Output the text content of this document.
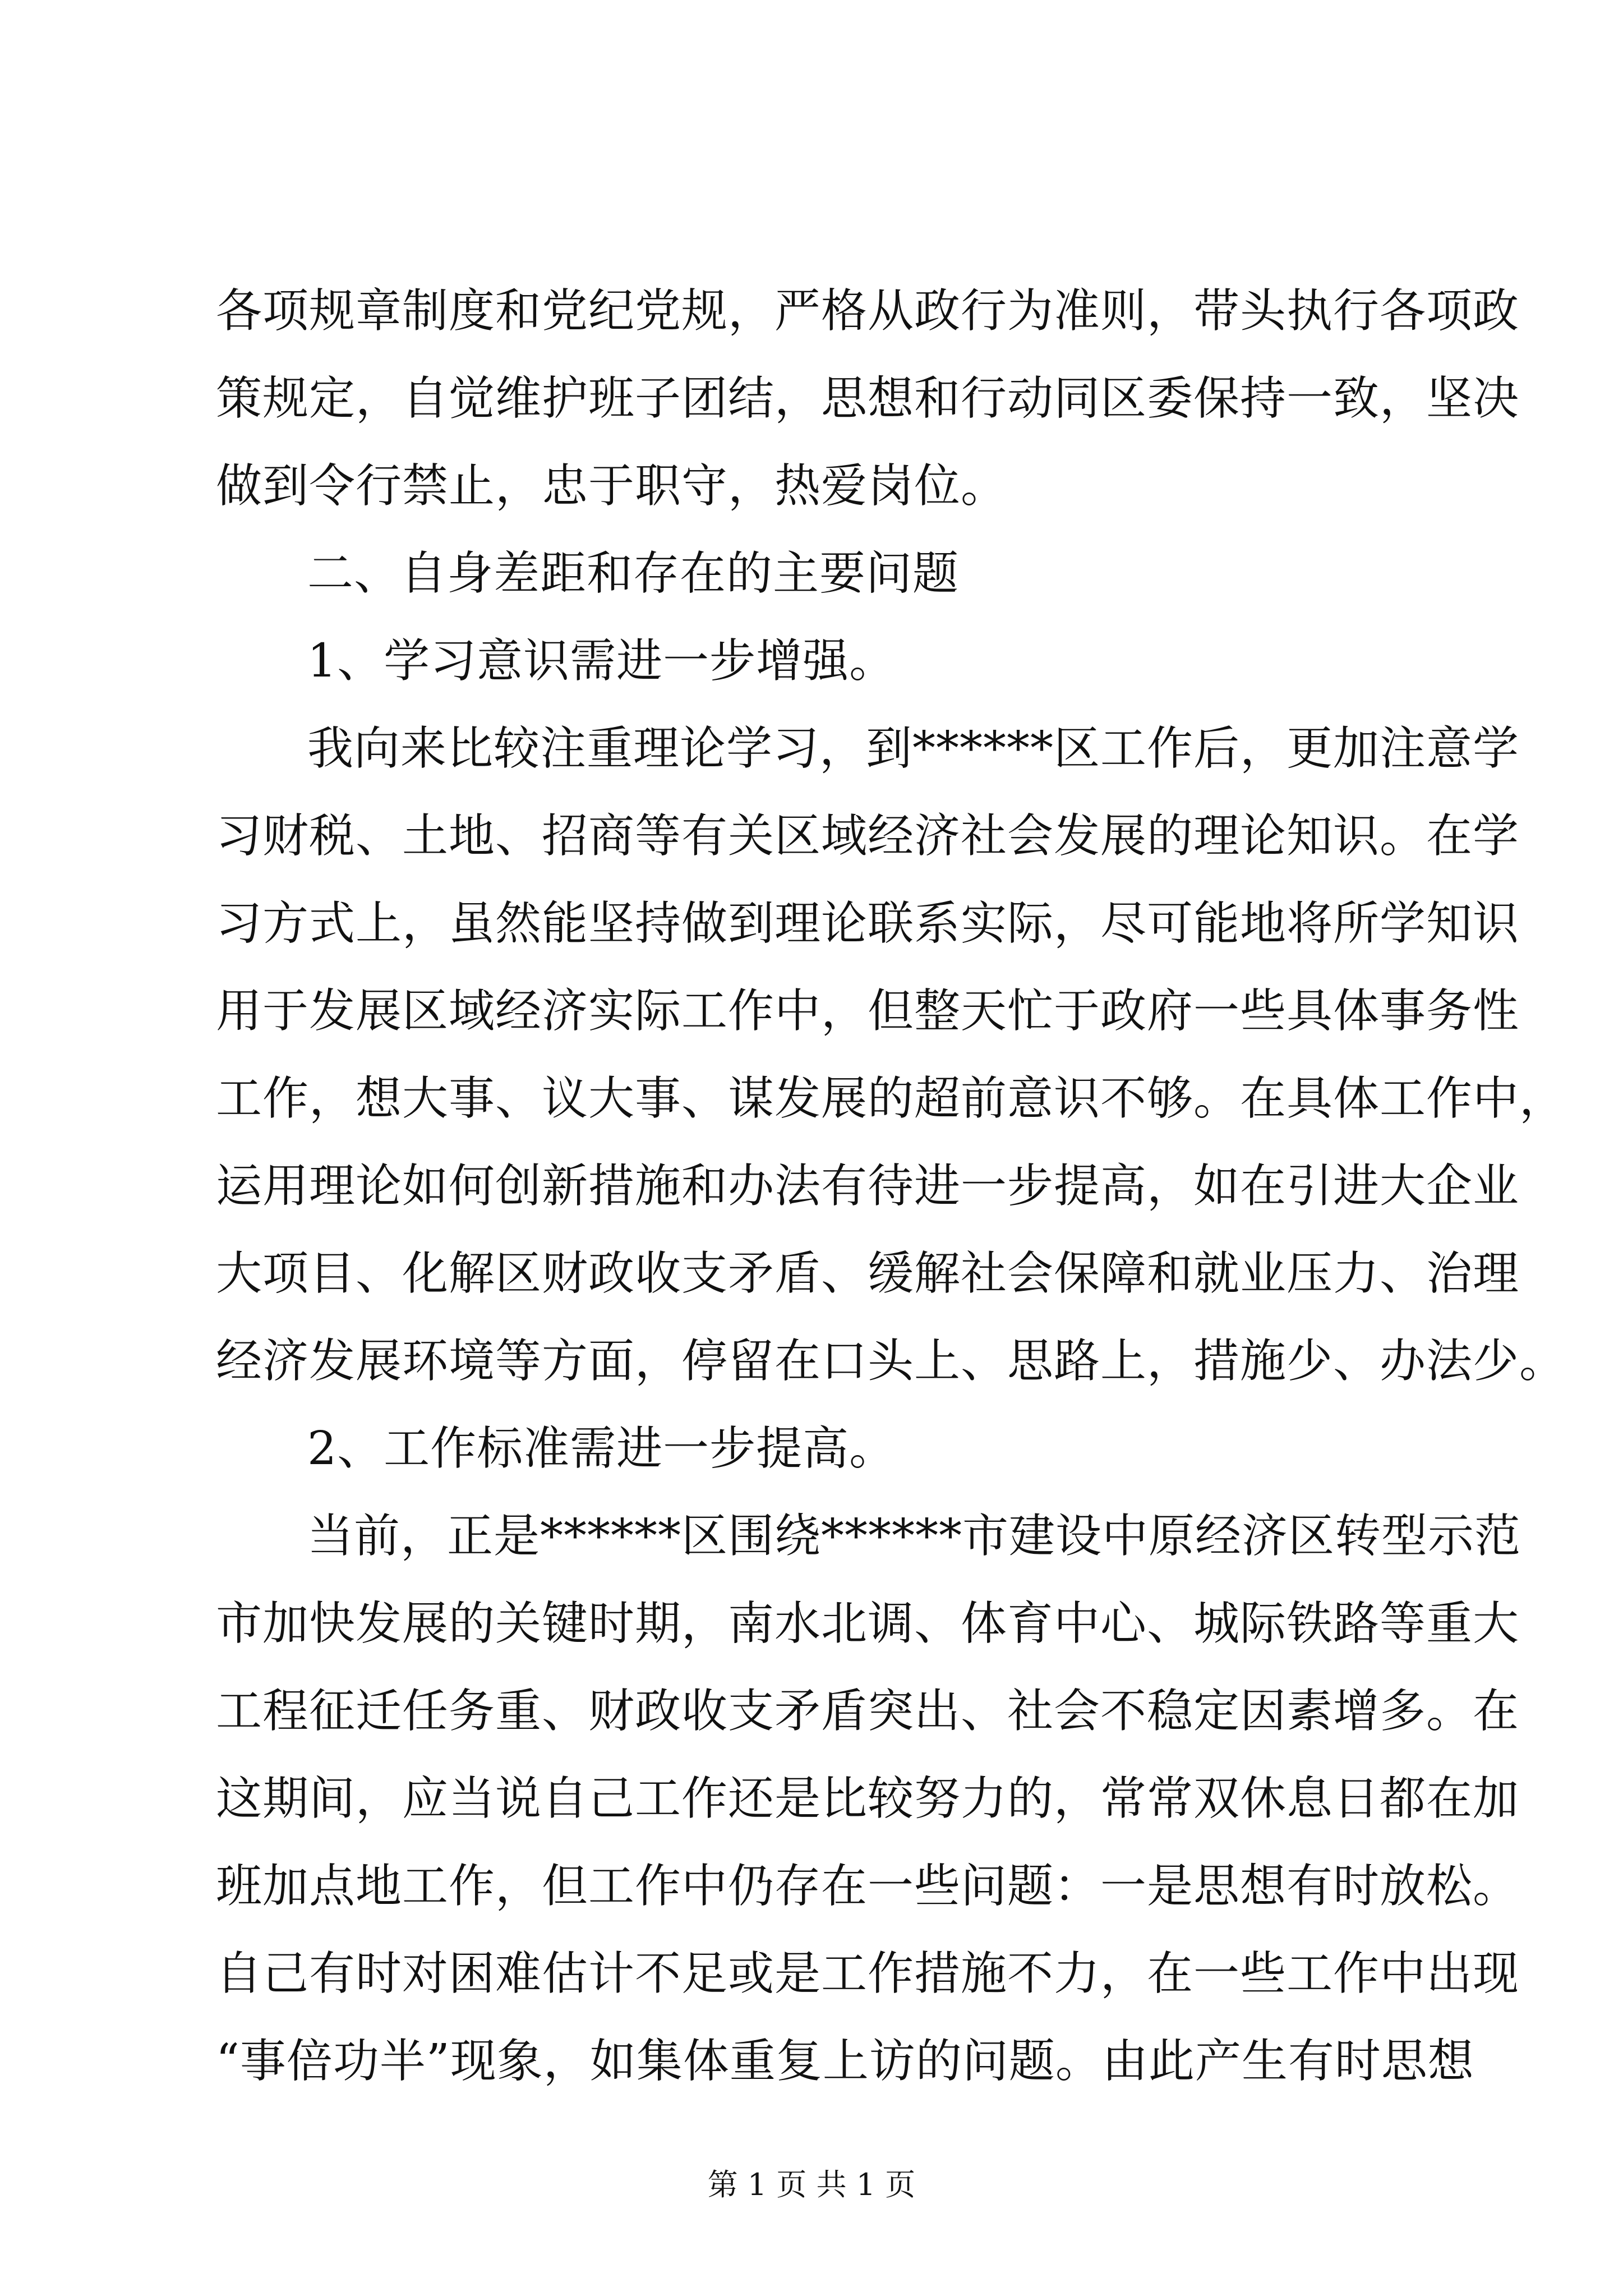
各项规章制度和党纪党规，严格从政行为准则，带头执行各项政
策规定，自觉维护班子团结，思想和行动同区委保持一致，坚决
做到令行禁止，忠于职守，热爱岗位。
二、自身差距和存在的主要问题
1、学习意识需进一步增强。
我向来比较注重理论学习，到******区工作后，更加注意学
习财税、土地、招商等有关区域经济社会发展的理论知识。在学
习方式上，虽然能坚持做到理论联系实际，尽可能地将所学知识
用于发展区域经济实际工作中，但整天忙于政府一些具体事务性
工作，想大事、议大事、谋发展的超前意识不够。在具体工作中，
运用理论如何创新措施和办法有待进一步提高，如在引进大企业
大项目、化解区财政收支矛盾、缓解社会保障和就业压力、治理
经济发展环境等方面，停留在口头上、思路上，措施少、办法少。
2、工作标准需进一步提高。
当前，正是******区围绕******市建设中原经济区转型示范
市加快发展的关键时期，南水北调、体育中心、城际铁路等重大
工程征迁任务重、财政收支矛盾突出、社会不稳定因素增多。在
这期间，应当说自己工作还是比较努力的，常常双休息日都在加
班加点地工作，但工作中仍存在一些问题：一是思想有时放松。
自己有时对困难估计不足或是工作措施不力，在一些工作中出现
“事倍功半”现象，如集体重复上访的问题。由此产生有时思想
第 1 页 共 1 页
